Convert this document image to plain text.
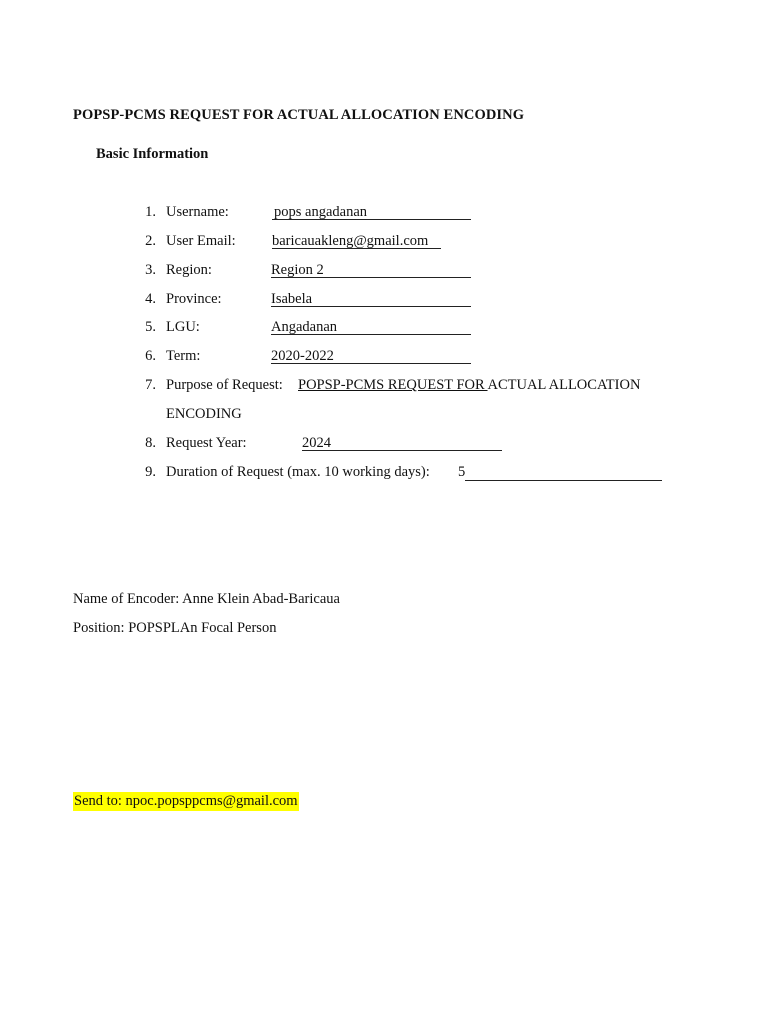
POPSP-PCMS REQUEST FOR ACTUAL ALLOCATION ENCODING
Basic Information
1. Username:	pops angadanan
2. User Email:	baricauakleng@gmail.com
3. Region:	Region 2
4. Province:	Isabela
5. LGU:	Angadanan
6. Term:	2020-2022
7. Purpose of Request: POPSP-PCMS REQUEST FOR ACTUAL ALLOCATION
ENCODING
8. Request Year:	2024
9. Duration of Request (max. 10 working days): 5
Name of Encoder: Anne Klein Abad-Baricaua
Position: POPSPLAn Focal Person
Send to: npoc.popsppcms@gmail.com
